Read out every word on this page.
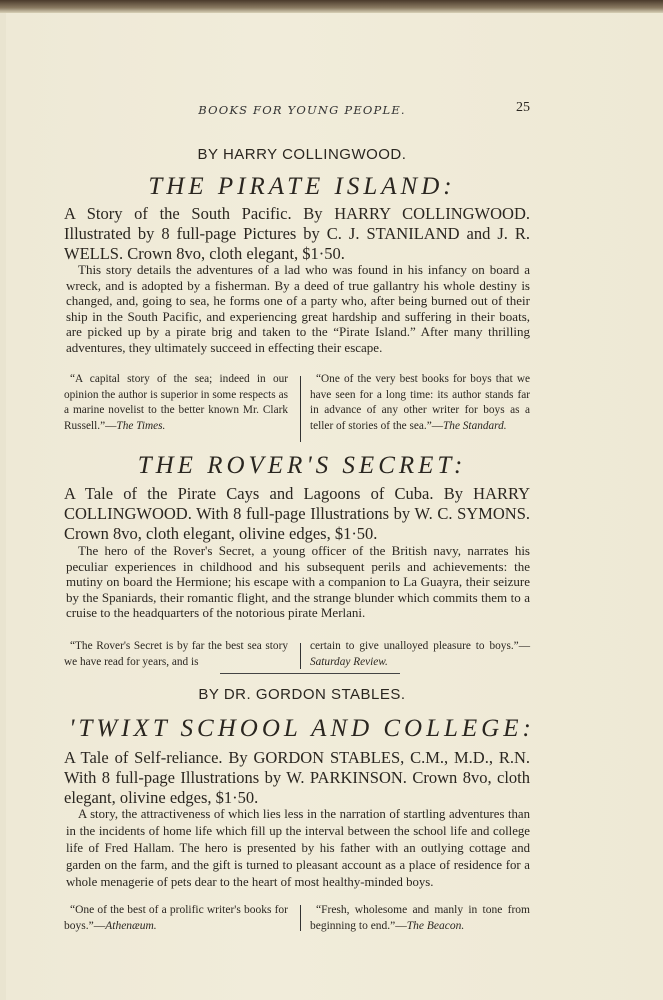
BOOKS FOR YOUNG PEOPLE.	25
BY HARRY COLLINGWOOD.
THE PIRATE ISLAND:
A Story of the South Pacific. By HARRY COLLINGWOOD. Illustrated by 8 full-page Pictures by C. J. STANILAND and J. R. WELLS. Crown 8vo, cloth elegant, $1·50.
This story details the adventures of a lad who was found in his infancy on board a wreck, and is adopted by a fisherman. By a deed of true gallantry his whole destiny is changed, and, going to sea, he forms one of a party who, after being burned out of their ship in the South Pacific, and experiencing great hardship and suffering in their boats, are picked up by a pirate brig and taken to the “Pirate Island.” After many thrilling adventures, they ultimately succeed in effecting their escape.
“A capital story of the sea; indeed in our opinion the author is superior in some respects as a marine novelist to the better known Mr. Clark Russell.”—The Times.
“One of the very best books for boys that we have seen for a long time: its author stands far in advance of any other writer for boys as a teller of stories of the sea.”—The Standard.
THE ROVER'S SECRET:
A Tale of the Pirate Cays and Lagoons of Cuba. By HARRY COLLINGWOOD. With 8 full-page Illustrations by W. C. SYMONS. Crown 8vo, cloth elegant, olivine edges, $1·50.
The hero of the Rover's Secret, a young officer of the British navy, narrates his peculiar experiences in childhood and his subsequent perils and achievements: the mutiny on board the Hermione; his escape with a companion to La Guayra, their seizure by the Spaniards, their romantic flight, and the strange blunder which commits them to a cruise to the headquarters of the notorious pirate Merlani.
“The Rover's Secret is by far the best sea story we have read for years, and is
certain to give unalloyed pleasure to boys.”—Saturday Review.
BY DR. GORDON STABLES.
'TWIXT SCHOOL AND COLLEGE:
A Tale of Self-reliance. By GORDON STABLES, C.M., M.D., R.N. With 8 full-page Illustrations by W. PARKINSON. Crown 8vo, cloth elegant, olivine edges, $1·50.
A story, the attractiveness of which lies less in the narration of startling adventures than in the incidents of home life which fill up the interval between the school life and college life of Fred Hallam. The hero is presented by his father with an outlying cottage and garden on the farm, and the gift is turned to pleasant account as a place of residence for a whole menagerie of pets dear to the heart of most healthy-minded boys.
“One of the best of a prolific writer's books for boys.”—Athenæum.
“Fresh, wholesome and manly in tone from beginning to end.”—The Beacon.
